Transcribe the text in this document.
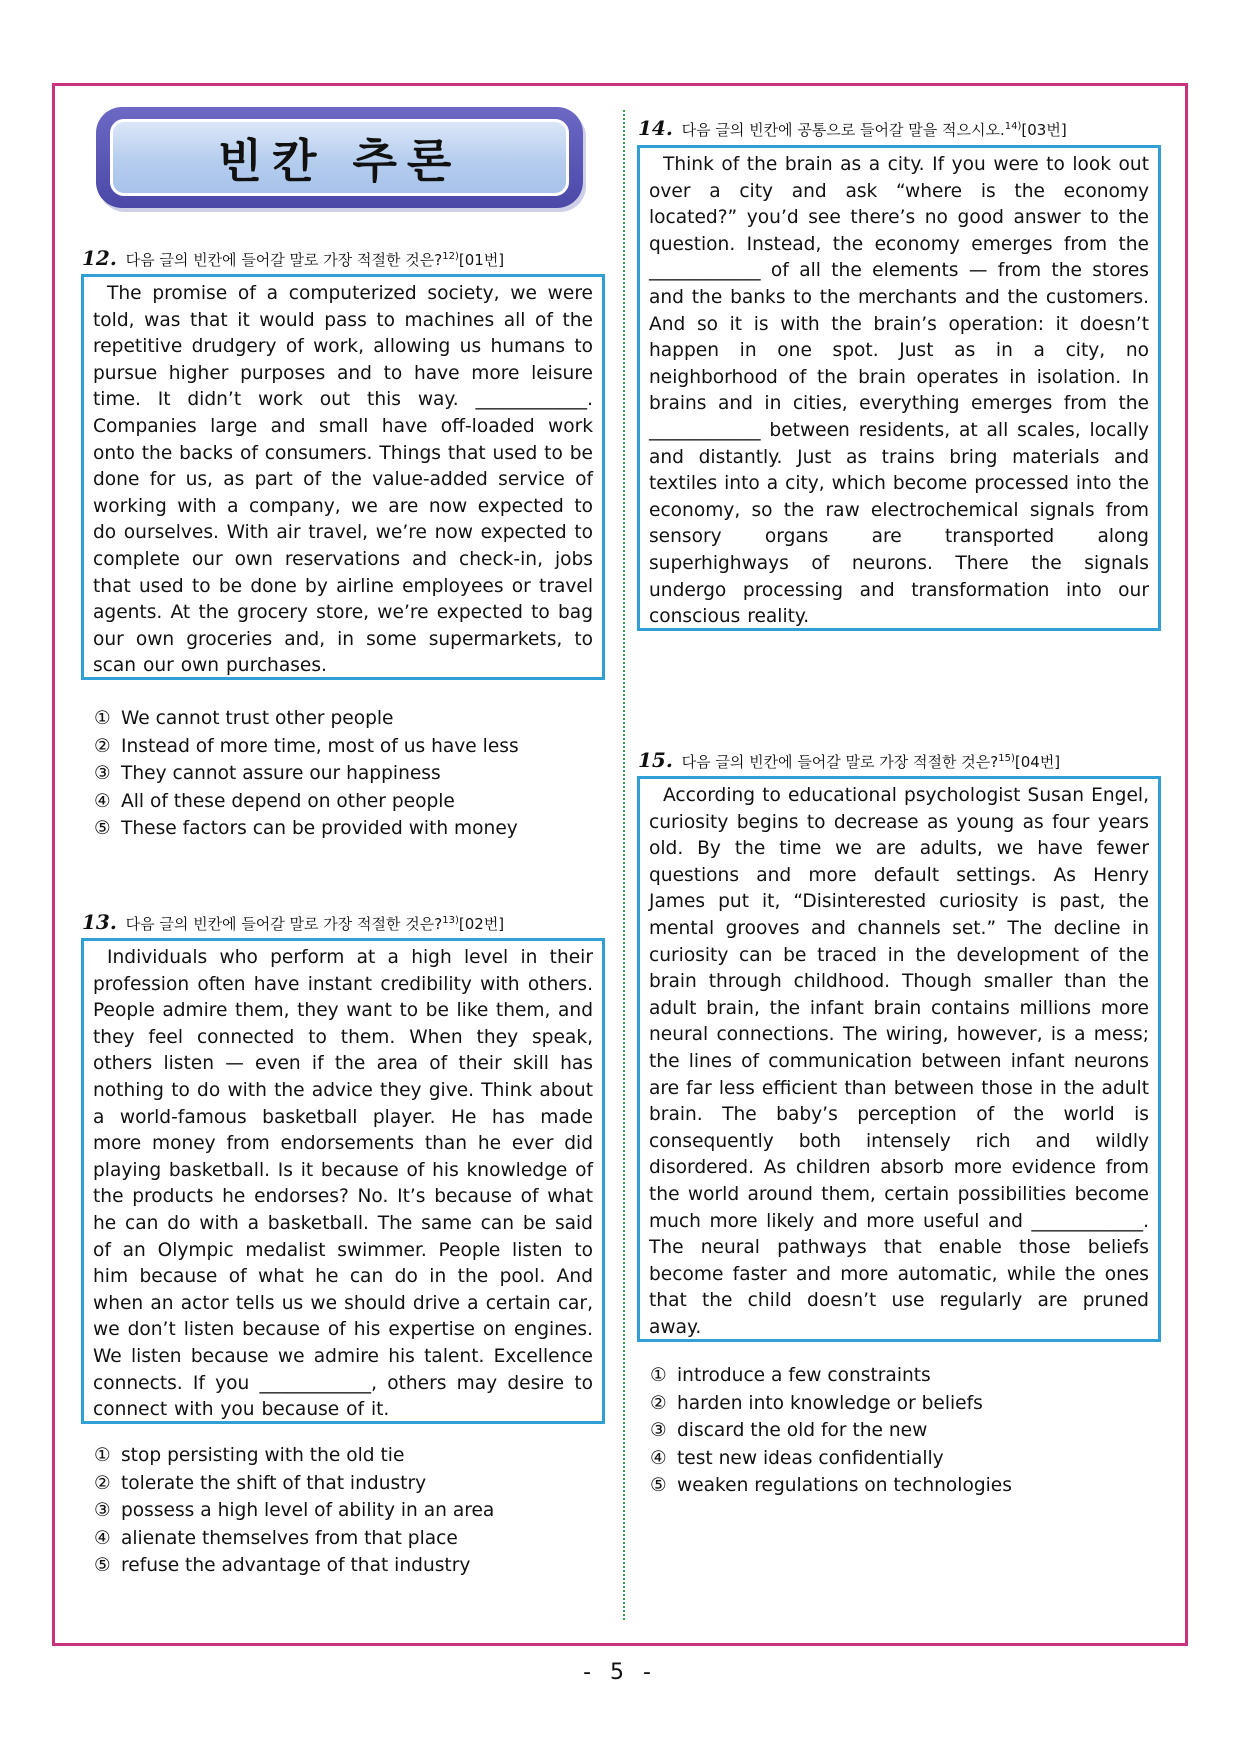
빈칸 추론
12. 다음 글의 빈칸에 들어갈 말로 가장 적절한 것은?$^{12)}$[01번]

The promise of a computerized society, we were told, was that it would pass to machines all of the repetitive drudgery of work, allowing us humans to pursue higher purposes and to have more leisure time. It didn’t work out this way. ____________. Companies large and small have off-loaded work onto the backs of consumers. Things that used to be done for us, as part of the value-added service of working with a company, we are now expected to do ourselves. With air travel, we’re now expected to complete our own reservations and check-in, jobs that used to be done by airline employees or travel agents. At the grocery store, we’re expected to bag our own groceries and, in some supermarkets, to scan our own purchases.

① We cannot trust other people
② Instead of more time, most of us have less
③ They cannot assure our happiness
④ All of these depend on other people
⑤ These factors can be provided with money
13. 다음 글의 빈칸에 들어갈 말로 가장 적절한 것은?$^{13)}$[02번]

Individuals who perform at a high level in their profession often have instant credibility with others. People admire them, they want to be like them, and they feel connected to them. When they speak, others listen — even if the area of their skill has nothing to do with the advice they give. Think about a world-famous basketball player. He has made more money from endorsements than he ever did playing basketball. Is it because of his knowledge of the products he endorses? No. It’s because of what he can do with a basketball. The same can be said of an Olympic medalist swimmer. People listen to him because of what he can do in the pool. And when an actor tells us we should drive a certain car, we don’t listen because of his expertise on engines. We listen because we admire his talent. Excellence connects. If you ____________, others may desire to connect with you because of it.

① stop persisting with the old tie
② tolerate the shift of that industry
③ possess a high level of ability in an area
④ alienate themselves from that place
⑤ refuse the advantage of that industry
14. 다음 글의 빈칸에 공통으로 들어갈 말을 적으시오.$^{14)}$[03번]

Think of the brain as a city. If you were to look out over a city and ask “where is the economy located?” you’d see there’s no good answer to the question. Instead, the economy emerges from the ____________ of all the elements — from the stores and the banks to the merchants and the customers. And so it is with the brain’s operation: it doesn’t happen in one spot. Just as in a city, no neighborhood of the brain operates in isolation. In brains and in cities, everything emerges from the ____________ between residents, at all scales, locally and distantly. Just as trains bring materials and textiles into a city, which become processed into the economy, so the raw electrochemical signals from sensory organs are transported along superhighways of neurons. There the signals undergo processing and transformation into our conscious reality.

15. 다음 글의 빈칸에 들어갈 말로 가장 적절한 것은?$^{15)}$[04번]

According to educational psychologist Susan Engel, curiosity begins to decrease as young as four years old. By the time we are adults, we have fewer questions and more default settings. As Henry James put it, “Disinterested curiosity is past, the mental grooves and channels set.” The decline in curiosity can be traced in the development of the brain through childhood. Though smaller than the adult brain, the infant brain contains millions more neural connections. The wiring, however, is a mess; the lines of communication between infant neurons are far less efficient than between those in the adult brain. The baby’s perception of the world is consequently both intensely rich and wildly disordered. As children absorb more evidence from the world around them, certain possibilities become much more likely and more useful and ____________. The neural pathways that enable those beliefs become faster and more automatic, while the ones that the child doesn’t use regularly are pruned away.

① introduce a few constraints
② harden into knowledge or beliefs
③ discard the old for the new
④ test new ideas confidentially
⑤ weaken regulations on technologies
- 5 -
